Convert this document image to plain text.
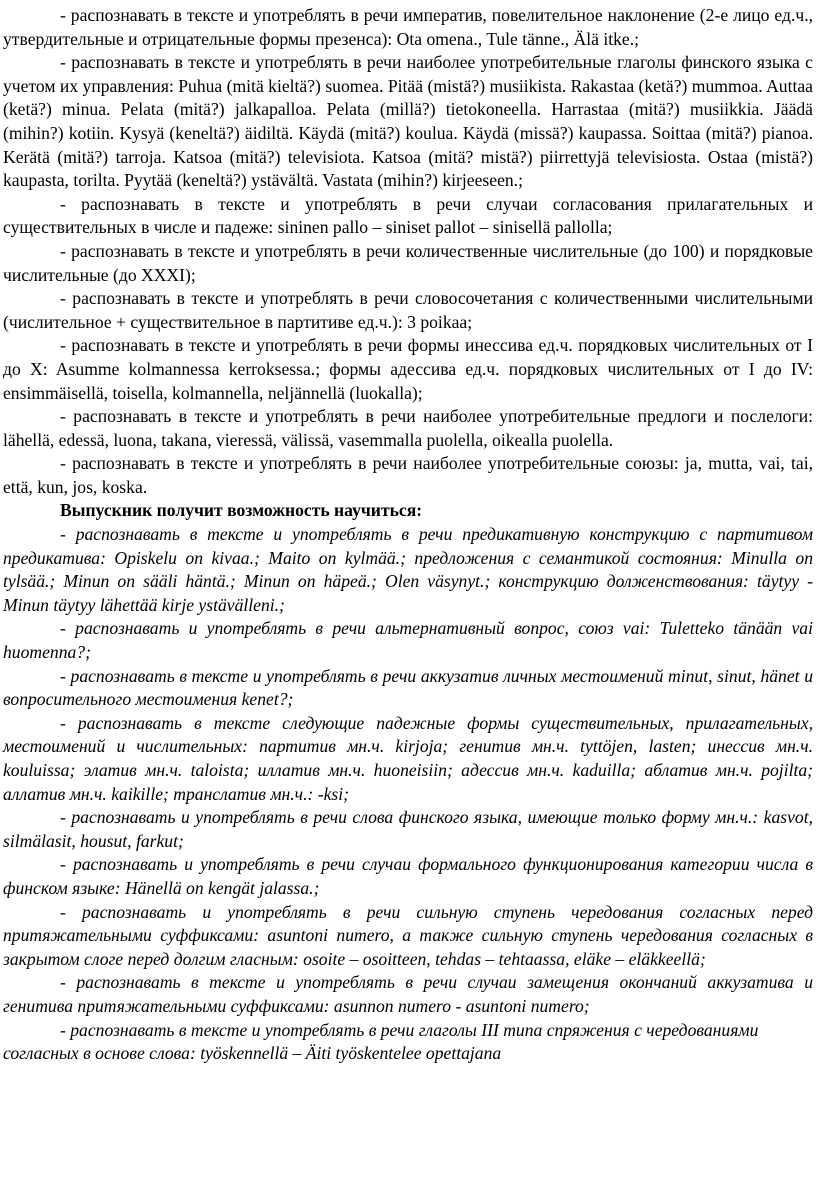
- распознавать в тексте и употреблять в речи императив, повелительное наклонение (2-е лицо ед.ч., утвердительные и отрицательные формы презенса): Ota omena., Tule tänne., Älä itke.;

- распознавать в тексте и употреблять в речи наиболее употребительные глаголы финского языка с учетом их управления: Puhua (mitä kieltä?) suomea. Pitää (mistä?) musiikista. Rakastaa (ketä?) mummoa. Auttaa (ketä?) minua. Pelata (mitä?) jalkapalloa. Pelata (millä?) tietokoneella. Harrastaa (mitä?) musiikkia. Jäädä (mihin?) kotiin. Kysyä (keneltä?) äidiltä. Käydä (mitä?) koulua. Käydä (missä?) kaupassa. Soittaa (mitä?) pianoa. Kerätä (mitä?) tarroja. Katsoa (mitä?) televisiota. Katsoa (mitä? mistä?) piirrettyjä televisiosta. Ostaa (mistä?) kaupasta, torilta. Pyytää (keneltä?) ystävältä. Vastata (mihin?) kirjeeseen.;

- распознавать в тексте и употреблять в речи случаи согласования прилагательных и существительных в числе и падеже: sininen pallo – siniset pallot – sinisellä pallolla;

- распознавать в тексте и употреблять в речи количественные числительные (до 100) и порядковые числительные (до XXXI);

- распознавать в тексте и употреблять в речи словосочетания с количественными числительными (числительное + существительное в партитиве ед.ч.): 3 poikaa;

- распознавать в тексте и употреблять в речи формы инессива ед.ч. порядковых числительных от I до X: Asumme kolmannessa kerroksessa.; формы адессива ед.ч. порядковых числительных от I до IV: ensimmäisellä, toisella, kolmannella, neljännellä (luokalla);

- распознавать в тексте и употреблять в речи наиболее употребительные предлоги и послелоги: lähellä, edessä, luona, takana, vieressä, välissä, vasemmalla puolella, oikealla puolella.

- распознавать в тексте и употреблять в речи наиболее употребительные союзы: ja, mutta, vai, tai, että, kun, jos, koska.

Выпускник получит возможность научиться:

- распознавать в тексте и употреблять в речи предикативную конструкцию с партитивом предикатива: Opiskelu on kivaa.; Maito on kylmää.; предложения с семантикой состояния: Minulla on tylsää.; Minun on sääli häntä.; Minun on häpeä.; Olen väsynyt.; конструкцию долженствования: täytyy - Minun täytyy lähettää kirje ystävälleni.;

- распознавать и употреблять в речи альтернативный вопрос, союз vai: Tuletteko tänään vai huomenna?;

- распознавать в тексте и употреблять в речи аккузатив личных местоимений minut, sinut, hänet и вопросительного местоимения kenet?;

- распознавать в тексте следующие падежные формы существительных, прилагательных, местоимений и числительных: партитив мн.ч. kirjoja; генитив мн.ч. tyttöjen, lasten; инессив мн.ч. kouluissa; элатив мн.ч. taloista; иллатив мн.ч. huoneisiin; адессив мн.ч. kaduilla; аблатив мн.ч. pojilta; аллатив мн.ч. kaikille; транслатив мн.ч.: -ksi;

- распознавать и употреблять в речи слова финского языка, имеющие только форму мн.ч.: kasvot, silmälasit, housut, farkut;

- распознавать и употреблять в речи случаи формального функционирования категории числа в финском языке: Hänellä on kengät jalassa.;

- распознавать и употреблять в речи сильную ступень чередования согласных перед притяжательными суффиксами: asuntoni nитеro, а также сильную ступень чередования согласных в закрытом слоге перед долгим гласным: osoite – osoitteen, tehdas – tehtaassa, eläke – eläkkeellä;

- распознавать в тексте и употреблять в речи случаи замещения окончаний аккузатива и генитива притяжательными суффиксами: asunnon nитеro - asuntoni nитеro;

- распознавать в тексте и употреблять в речи глаголы III типа спряжения с чередованиями согласных в основе слова: työskennellä – Äiti työskentelee opettajana
